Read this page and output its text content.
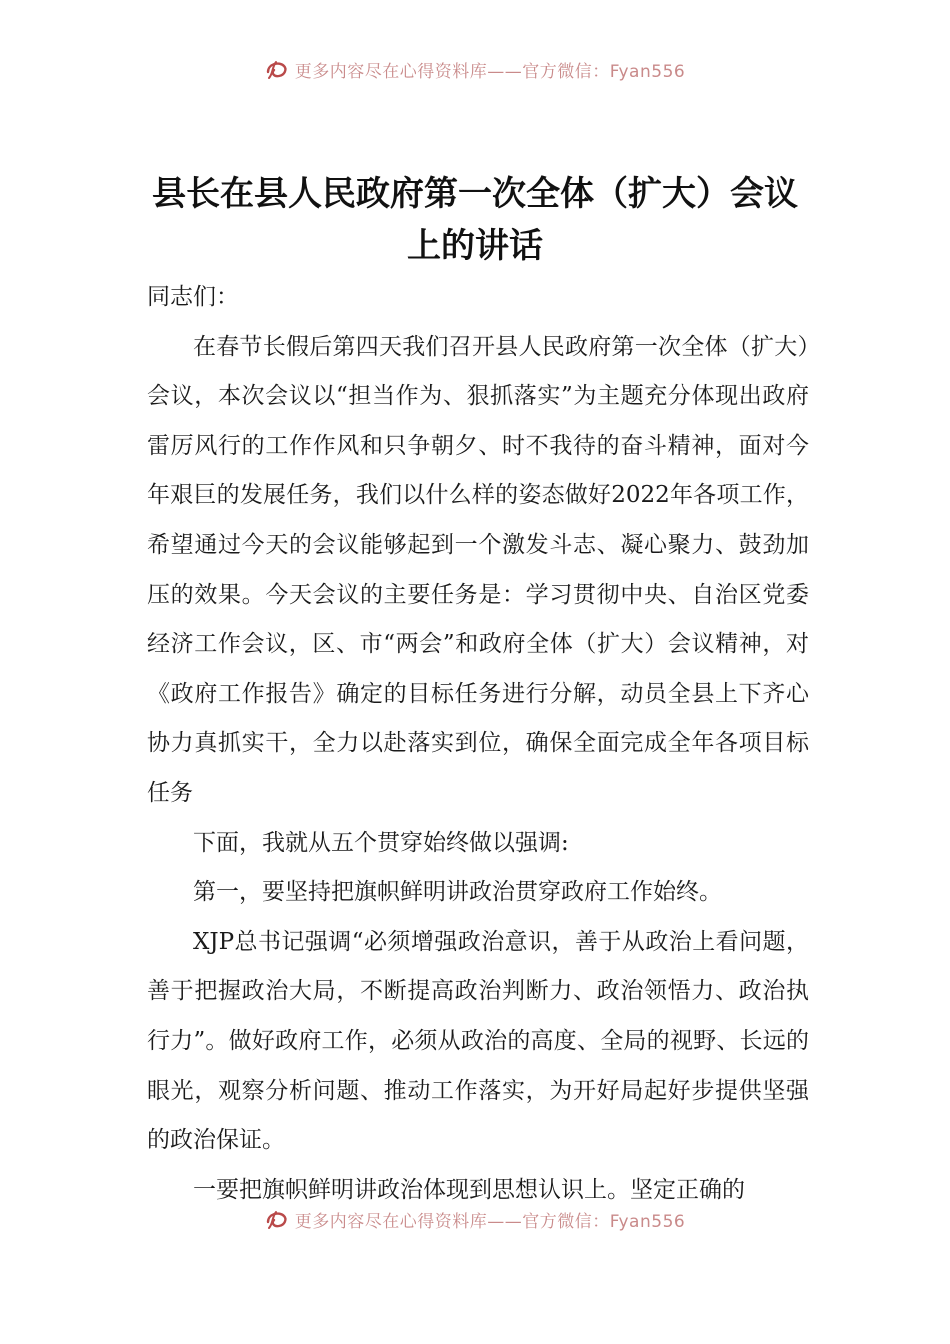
更多内容尽在心得资料库——官方微信：Fyan556
县长在县人民政府第一次全体（扩大）会议上的讲话

同志们：

在春节长假后第四天我们召开县人民政府第一次全体（扩大）会议，本次会议以“担当作为、狠抓落实”为主题充分体现出政府雷厉风行的工作作风和只争朝夕、时不我待的奋斗精神，面对今年艰巨的发展任务，我们以什么样的姿态做好2022年各项工作，希望通过今天的会议能够起到一个激发斗志、凝心聚力、鼓劲加压的效果。今天会议的主要任务是：学习贯彻中央、自治区党委经济工作会议，区、市“两会”和政府全体（扩大）会议精神，对《政府工作报告》确定的目标任务进行分解，动员全县上下齐心协力真抓实干，全力以赴落实到位，确保全面完成全年各项目标任务

下面，我就从五个贯穿始终做以强调:

第一，要坚持把旗帜鲜明讲政治贯穿政府工作始终。

XJP总书记强调“必须增强政治意识，善于从政治上看问题，善于把握政治大局，不断提高政治判断力、政治领悟力、政治执行力”。做好政府工作，必须从政治的高度、全局的视野、长远的眼光，观察分析问题、推动工作落实，为开好局起好步提供坚强的政治保证。

一要把旗帜鲜明讲政治体现到思想认识上。坚定正确的

更多内容尽在心得资料库——官方微信：Fyan556
